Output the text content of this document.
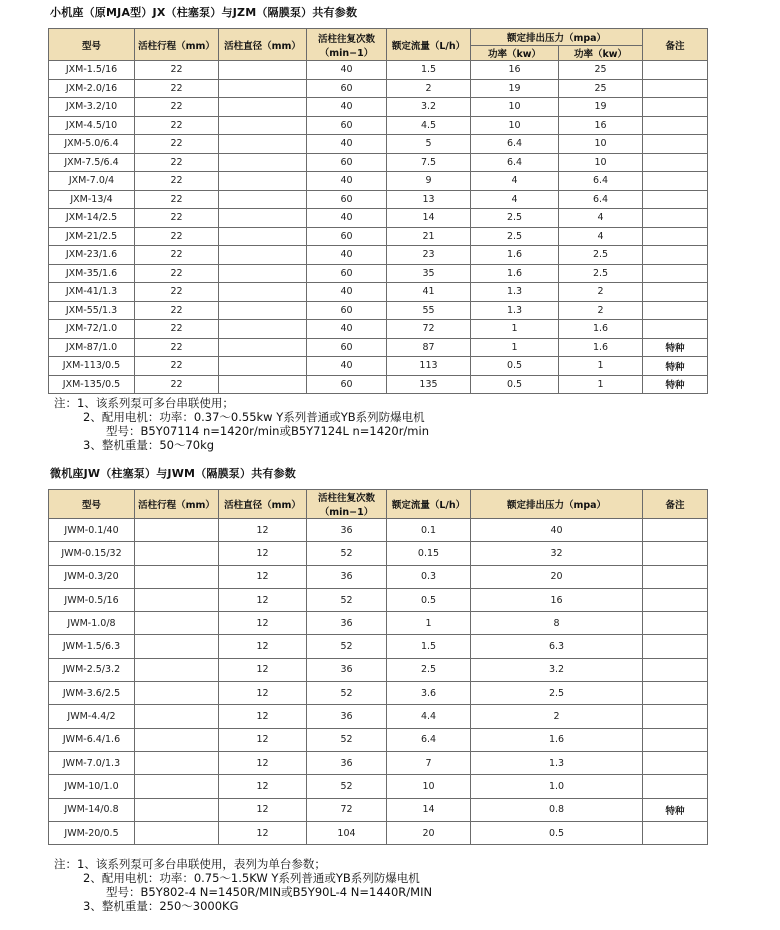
小机座（原MJA型）JX（柱塞泵）与JZM（隔膜泵）共有参数
型号	活柱行程（mm）	活柱直径（mm）	活柱往复次数
（min−1）	额定流量（L/h）	额定排出压力（mpa）		备注
					功率（kw）	功率（kw）	
JXM-1.5/16	22		40	1.5	16	25	
JXM-2.0/16	22		60	2	19	25	
JXM-3.2/10	22		40	3.2	10	19	
JXM-4.5/10	22		60	4.5	10	16	
JXM-5.0/6.4	22		40	5	6.4	10	
JXM-7.5/6.4	22		60	7.5	6.4	10	
JXM-7.0/4	22		40	9	4	6.4	
JXM-13/4	22		60	13	4	6.4	
JXM-14/2.5	22		40	14	2.5	4	
JXM-21/2.5	22		60	21	2.5	4	
JXM-23/1.6	22		40	23	1.6	2.5	
JXM-35/1.6	22		60	35	1.6	2.5	
JXM-41/1.3	22		40	41	1.3	2	
JXM-55/1.3	22		60	55	1.3	2	
JXM-72/1.0	22		40	72	1	1.6	
JXM-87/1.0	22		60	87	1	1.6	特种
JXM-113/0.5	22		40	113	0.5	1	特种
JXM-135/0.5	22		60	135	0.5	1	特种
注：1、该系列泵可多台串联使用；
2、配用电机：功率：0.37～0.55kw Y系列普通或YB系列防爆电机
型号：B5Y07114 n=1420r/min或B5Y7124L n=1420r/min
3、整机重量：50～70kg
微机座JW（柱塞泵）与JWM（隔膜泵）共有参数
型号	活柱行程（mm）	活柱直径（mm）	活柱往复次数
（min−1）	额定流量（L/h）	额定排出压力（mpa）	备注
JWM-0.1/40		12	36	0.1	40	
JWM-0.15/32		12	52	0.15	32	
JWM-0.3/20		12	36	0.3	20	
JWM-0.5/16		12	52	0.5	16	
JWM-1.0/8		12	36	1	8	
JWM-1.5/6.3		12	52	1.5	6.3	
JWM-2.5/3.2		12	36	2.5	3.2	
JWM-3.6/2.5		12	52	3.6	2.5	
JWM-4.4/2		12	36	4.4	2	
JWM-6.4/1.6		12	52	6.4	1.6	
JWM-7.0/1.3		12	36	7	1.3	
JWM-10/1.0		12	52	10	1.0	
JWM-14/0.8		12	72	14	0.8	特种
JWM-20/0.5		12	104	20	0.5	
注：1、该系列泵可多台串联使用，表列为单台参数；
2、配用电机：功率：0.75～1.5KW Y系列普通或YB系列防爆电机
型号：B5Y802-4 N=1450R/MIN或B5Y90L-4 N=1440R/MIN
3、整机重量：250～3000KG
